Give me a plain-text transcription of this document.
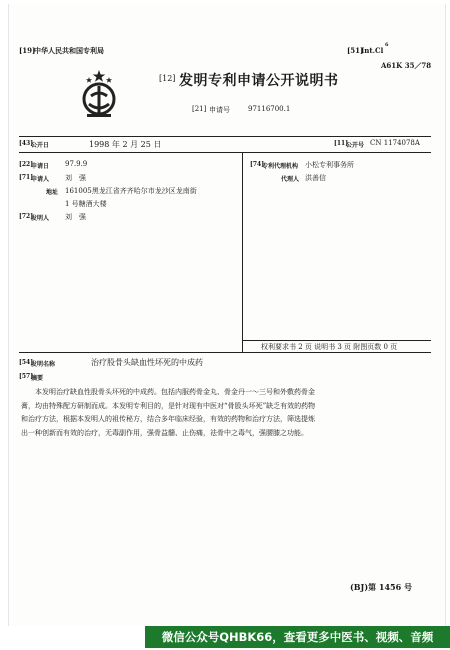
[19]
中华人民共和国专利局	[51]
Int.Cl
6
A61K 35／78
[12] 发明专利申请公开说明书
[21] 申请号	97116700.1
[43]
公开日	1998 年 2 月 25 日	[11]
公开号 CN 1174078A
[22]
申请日 97.9.9
[71]
申请人 刘　强
地址 161005黑龙江省齐齐哈尔市龙沙区龙南街
1 号糖酒大楼
[72]
发明人 刘　强
[74]
专利代理机构 小松专利事务所
代理人 洪善信
权利要求书 2 页 说明书 3 页 附图页数 0 页
[54]
发明名称	治疗股骨头缺血性坏死的中成药
[57]
摘要
本发明治疗缺血性股骨头坏死的中成药。包括内服药骨金丸、骨金丹一～三号和外敷药骨金膏，均由特殊配方研制而成。本发明专利目的，是针对现有中医对“骨股头坏死”缺乏有效的药物和治疗方法，根据本发明人的祖传秘方，结合多年临床经验，有效的药物和治疗方法，筛选提炼出一种创新而有效的治疗，无毒副作用，强骨益髓、止伤痛，祛骨中之毒气，强腰膝之功能。
(BJ)第 1456 号
微信公众号QHBK66，查看更多中医书、视频、音频
